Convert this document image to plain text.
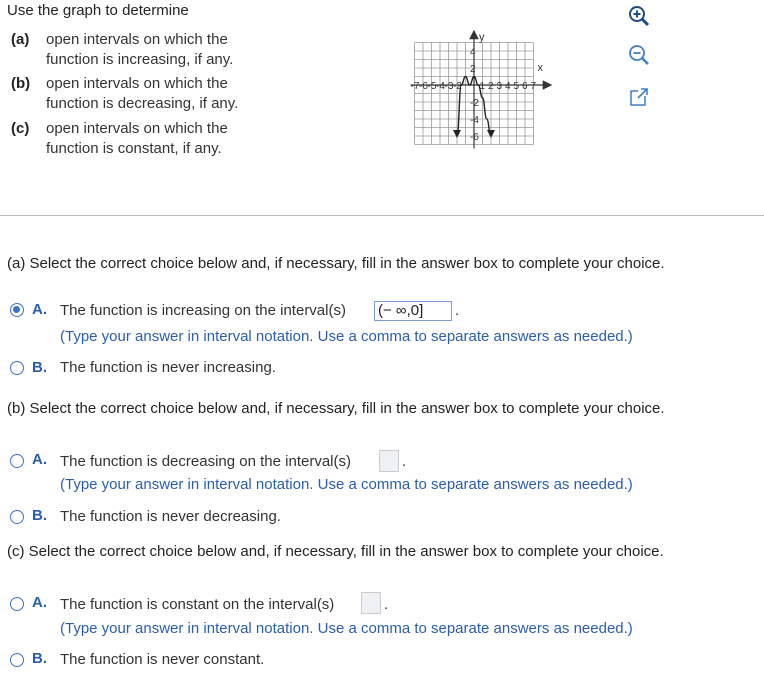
Use the graph to determine
(a) open intervals on which the
function is increasing, if any.
(b) open intervals on which the
function is decreasing, if any.
(c) open intervals on which the
function is constant, if any.
-7 -6 -5 -4 -3 -2 1 2 3 4 5 6 7
4
2
-2
-4
-6
x
y
(a) Select the correct choice below and, if necessary, fill in the answer box to complete your choice.
A. The function is increasing on the interval(s) (− ∞,0]	.
(Type your answer in interval notation. Use a comma to separate answers as needed.)
B. The function is never increasing.
(b) Select the correct choice below and, if necessary, fill in the answer box to complete your choice.
A. The function is decreasing on the interval(s)	.
(Type your answer in interval notation. Use a comma to separate answers as needed.)
B. The function is never decreasing.
(c) Select the correct choice below and, if necessary, fill in the answer box to complete your choice.
A. The function is constant on the interval(s)	.
(Type your answer in interval notation. Use a comma to separate answers as needed.)
B. The function is never constant.
